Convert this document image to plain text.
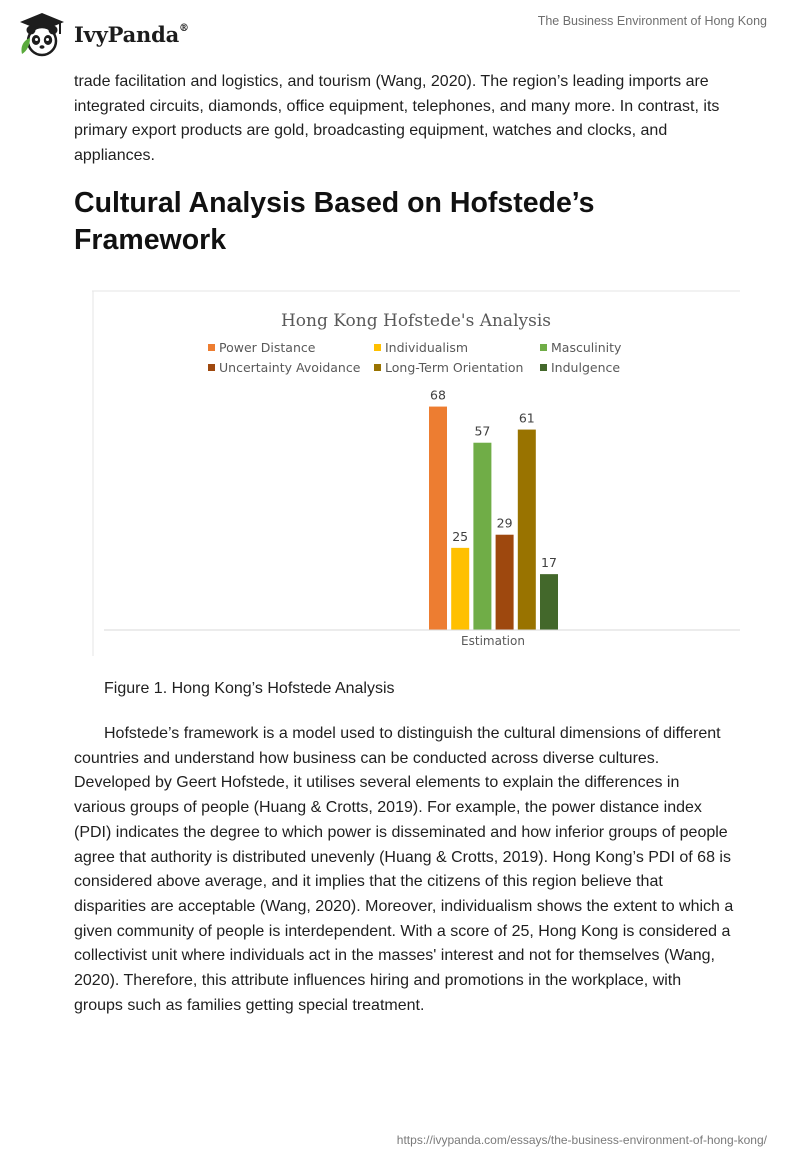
IvyPanda®	The Business Environment of Hong Kong

trade facilitation and logistics, and tourism (Wang, 2020). The region’s leading imports are integrated circuits, diamonds, office equipment, telephones, and many more. In contrast, its primary export products are gold, broadcasting equipment, watches and clocks, and appliances.

Cultural Analysis Based on Hofstede’s Framework
Hong Kong Hofstede's Analysis
Power Distance	Individualism	Masculinity
Uncertainty Avoidance Long-Term Orientation Indulgence
68
25
57
29
61
17
Estimation
Figure 1. Hong Kong’s Hofstede Analysis

Hofstede’s framework is a model used to distinguish the cultural dimensions of different countries and understand how business can be conducted across diverse cultures. Developed by Geert Hofstede, it utilises several elements to explain the differences in various groups of people (Huang & Crotts, 2019). For example, the power distance index (PDI) indicates the degree to which power is disseminated and how inferior groups of people agree that authority is distributed unevenly (Huang & Crotts, 2019). Hong Kong’s PDI of 68 is considered above average, and it implies that the citizens of this region believe that disparities are acceptable (Wang, 2020). Moreover, individualism shows the extent to which a given community of people is interdependent. With a score of 25, Hong Kong is considered a collectivist unit where individuals act in the masses' interest and not for themselves (Wang, 2020). Therefore, this attribute influences hiring and promotions in the workplace, with groups such as families getting special treatment.

https://ivypanda.com/essays/the-business-environment-of-hong-kong/
